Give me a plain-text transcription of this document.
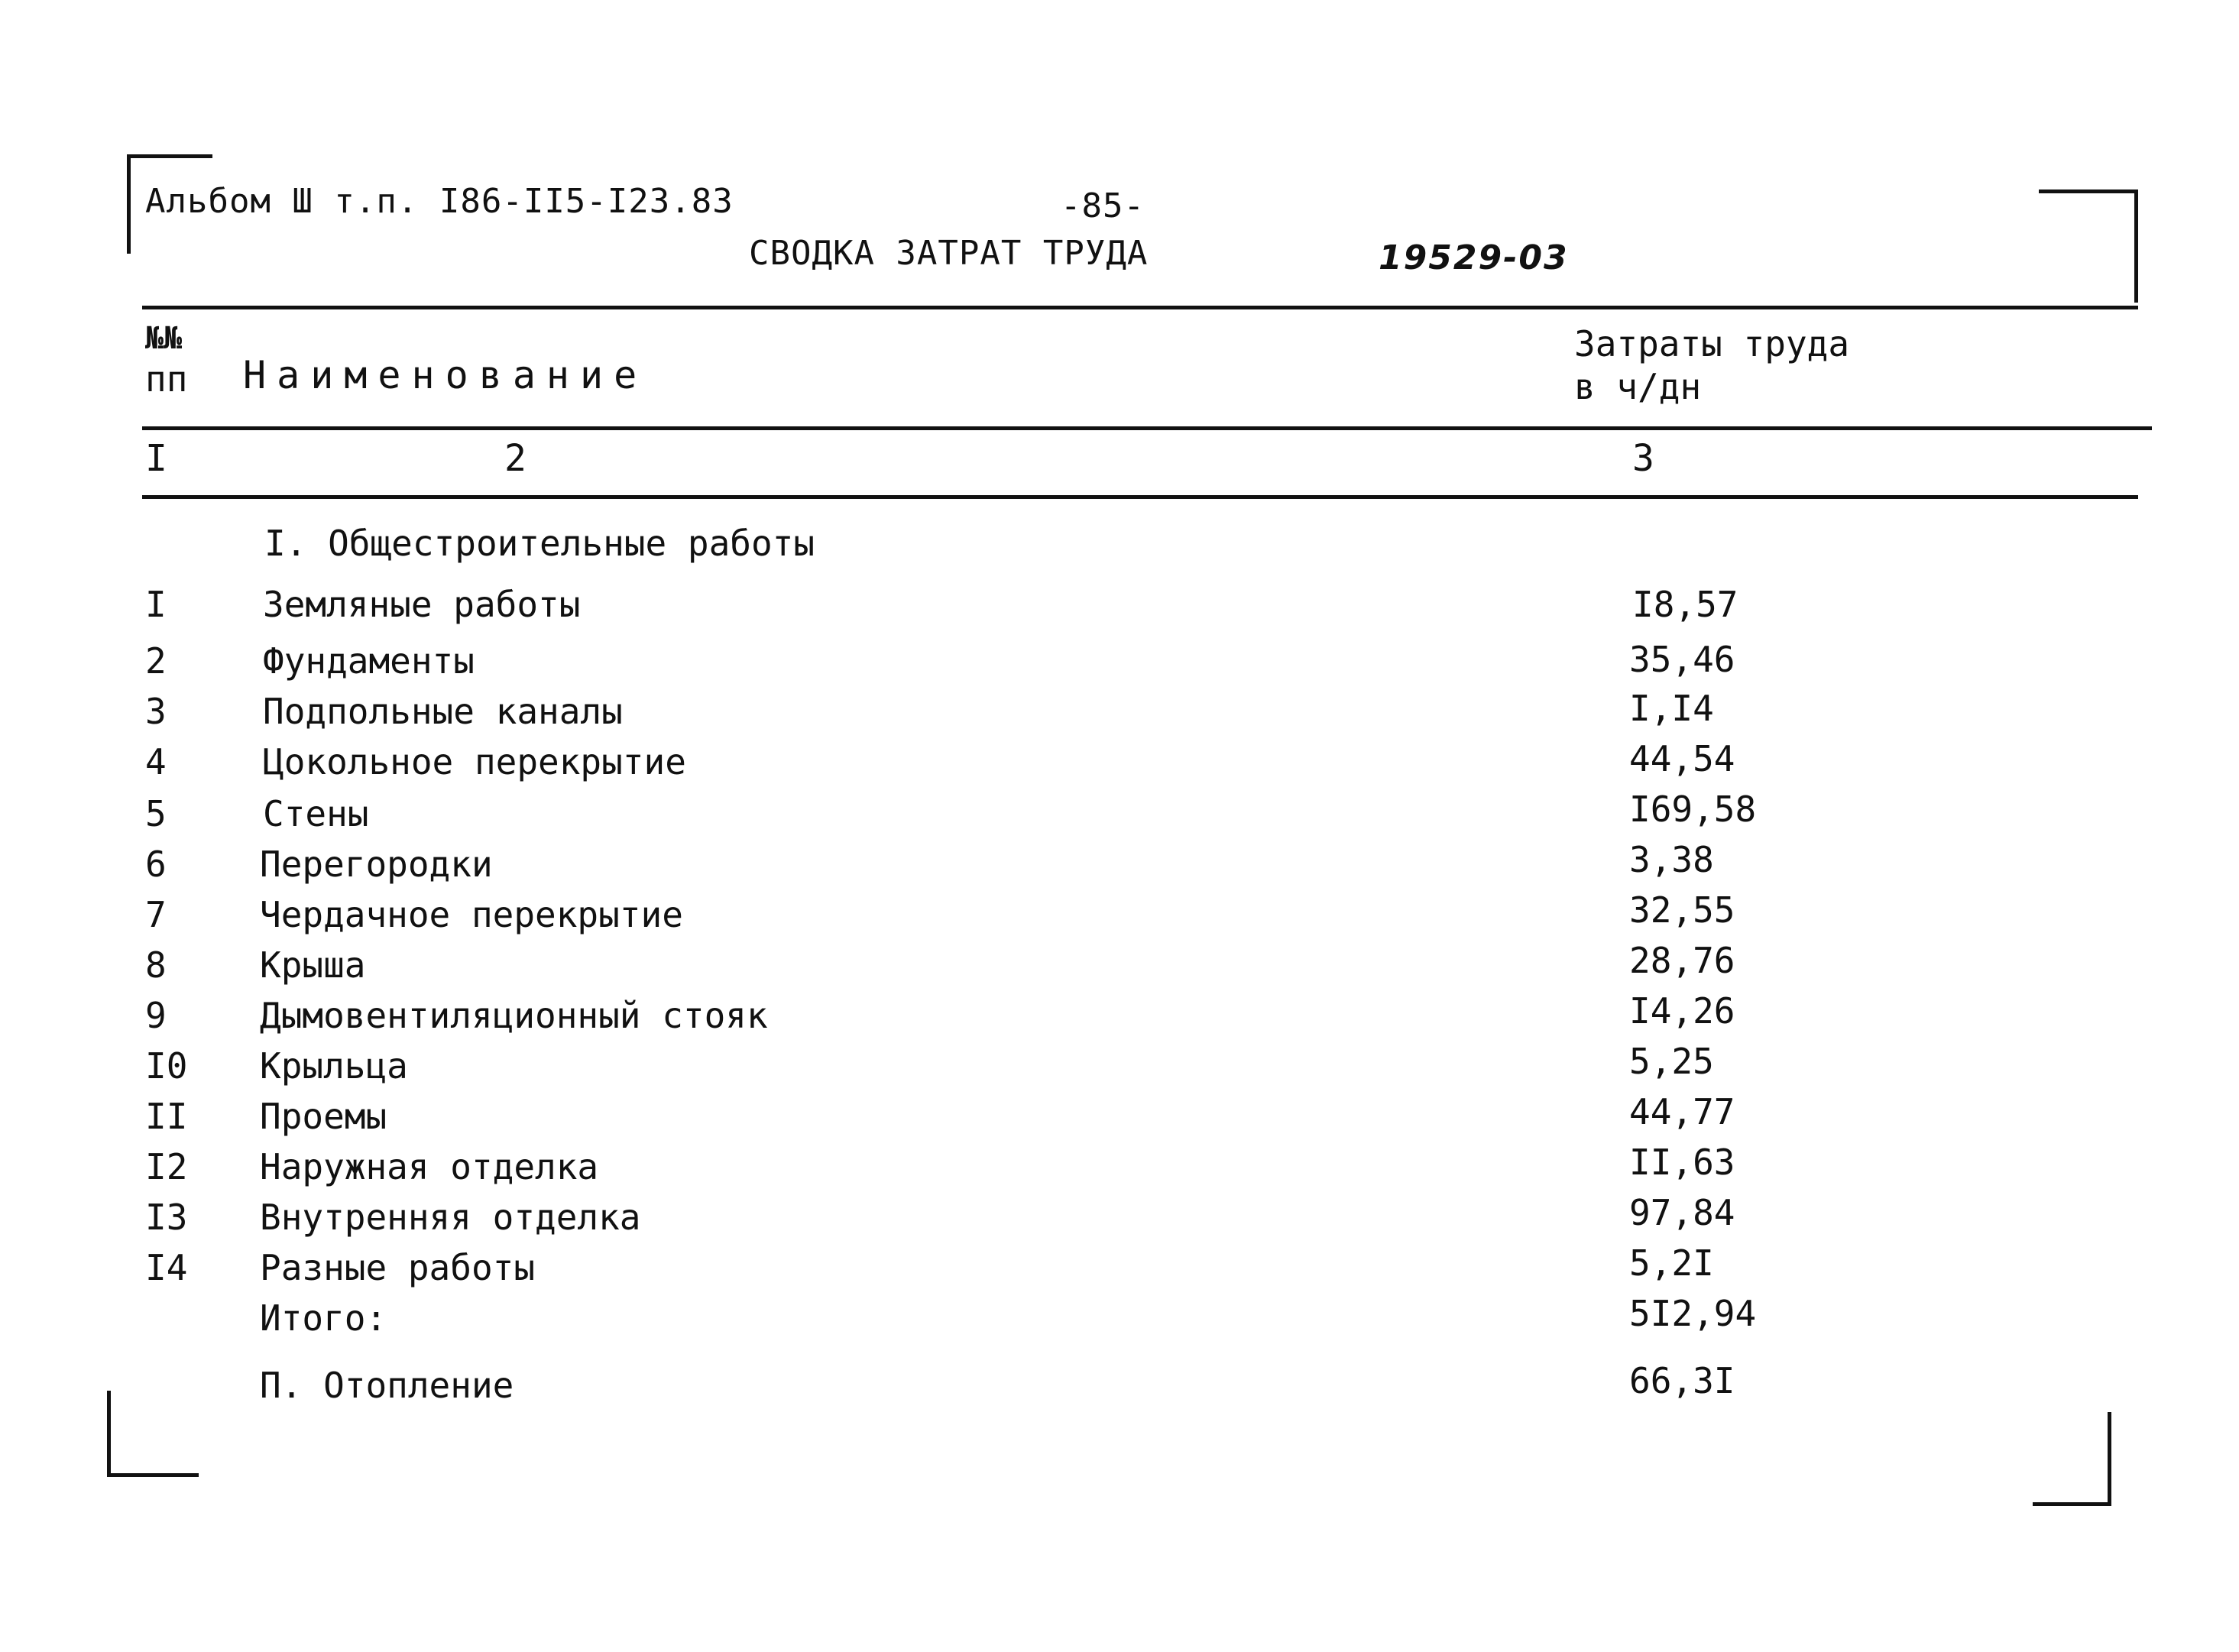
Альбом Ш т.п. I86-II5-I23.83	-85-
СВОДКА ЗАТРАТ ТРУДА	19529-03
№№
пп Наименование
Затраты труда
в ч/дн
I	2	3
I. Общестроительные работы
I	Земляные работы	I8,57
2	Фундаменты	35,46
3	Подпольные каналы	I,I4
4	Цокольное перекрытие	44,54
5	Стены	I69,58
6	Перегородки	3,38
7	Чердачное перекрытие	32,55
8	Крыша	28,76
9	Дымовентиляционный стояк	I4,26
I0 Крыльца	5,25
II Проемы	44,77
I2 Наружная отделка	II,63
I3 Внутренняя отделка	97,84
I4 Разные работы	5,2I
Итого:	5I2,94
П. Отопление	66,3I
